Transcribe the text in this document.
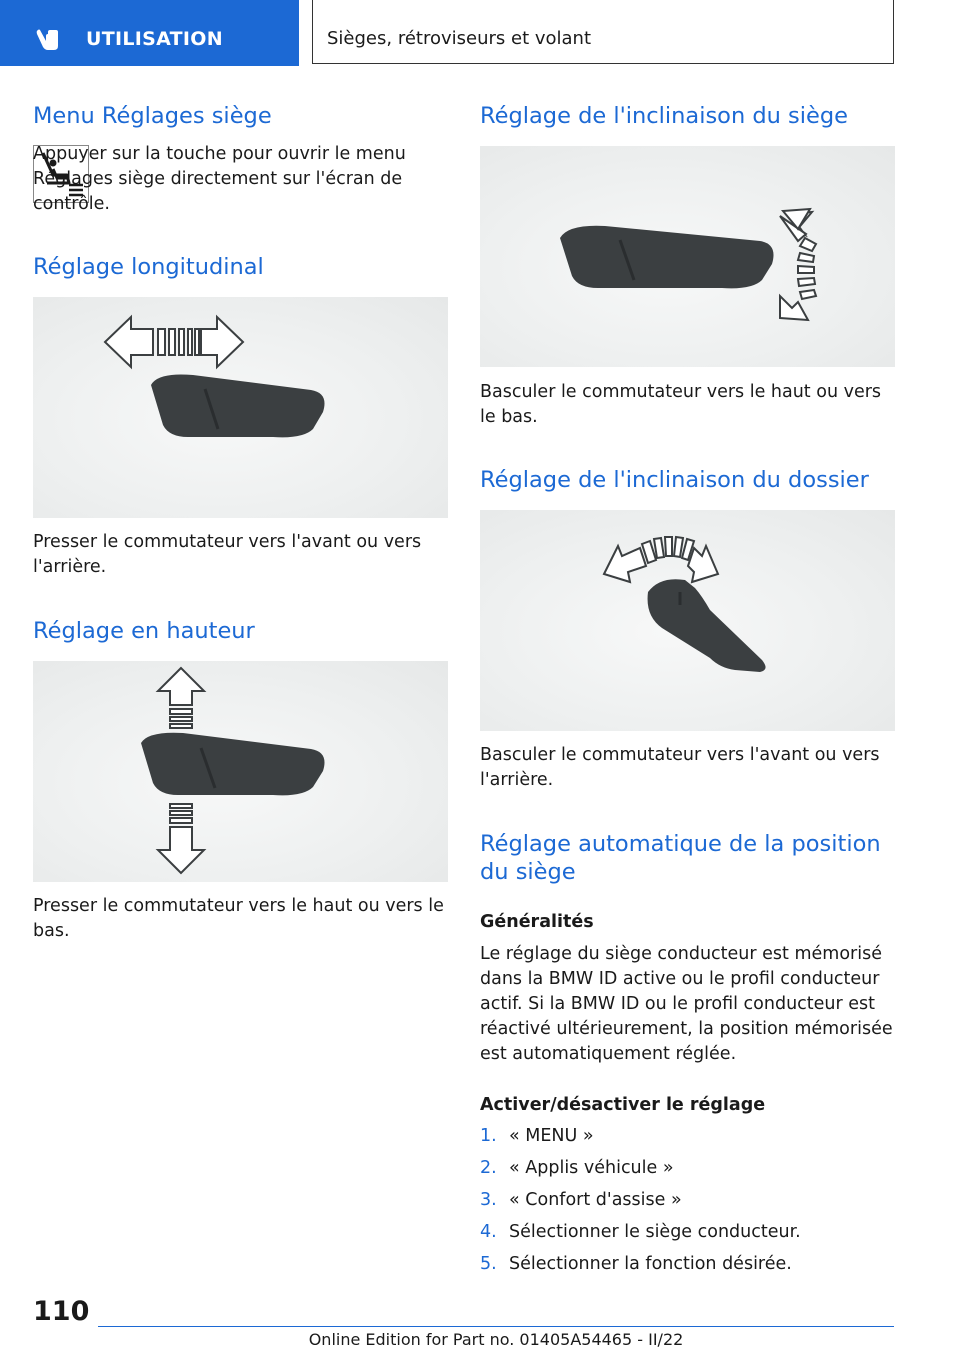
UTILISATION	Sièges, rétroviseurs et volant
Menu Réglages siège

Appuyer sur la touche pour ouvrir le menu Réglages siège directement sur l'écran de contrôle.

Réglage longitudinal

Presser le commutateur vers l'avant ou vers l'arrière.

Réglage en hauteur

Presser le commutateur vers le haut ou vers le bas.

Réglage de l'inclinaison du siège

Basculer le commutateur vers le haut ou vers le bas.

Réglage de l'inclinaison du dossier

Basculer le commutateur vers l'avant ou vers l'arrière.

Réglage automatique de la position du siège
Généralités

Le réglage du siège conducteur est mémorisé dans la BMW ID active ou le profil conducteur actif. Si la BMW ID ou le profil conducteur est réactivé ultérieurement, la position mémorisée est automatiquement réglée.

Activer/désactiver le réglage
1. « MENU »
2. « Applis véhicule »
3. « Confort d'assise »
4. Sélectionner le siège conducteur.
5. Sélectionner la fonction désirée.
110
Online Edition for Part no. 01405A54465 - II/22
